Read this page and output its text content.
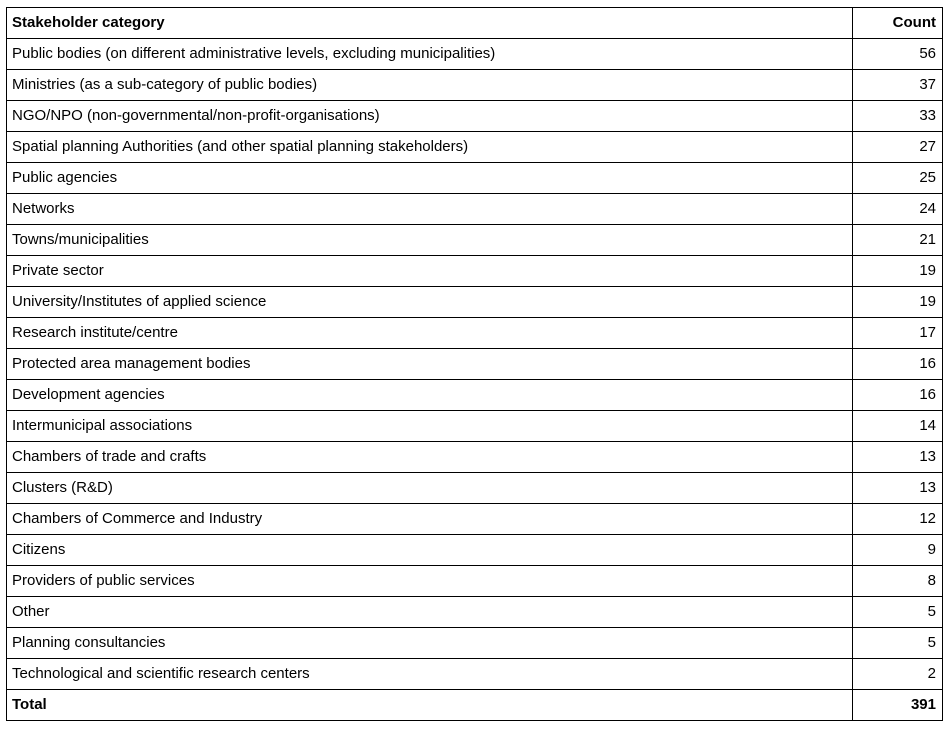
Stakeholder category	Count
Public bodies (on different administrative levels, excluding municipalities)	56
Ministries (as a sub-category of public bodies)	37
NGO/NPO (non-governmental/non-profit-organisations)	33
Spatial planning Authorities (and other spatial planning stakeholders)	27
Public agencies	25
Networks	24
Towns/municipalities	21
Private sector	19
University/Institutes of applied science	19
Research institute/centre	17
Protected area management bodies	16
Development agencies	16
Intermunicipal associations	14
Chambers of trade and crafts	13
Clusters (R&D)	13
Chambers of Commerce and Industry	12
Citizens	9
Providers of public services	8
Other	5
Planning consultancies	5
Technological and scientific research centers	2
Total	391
